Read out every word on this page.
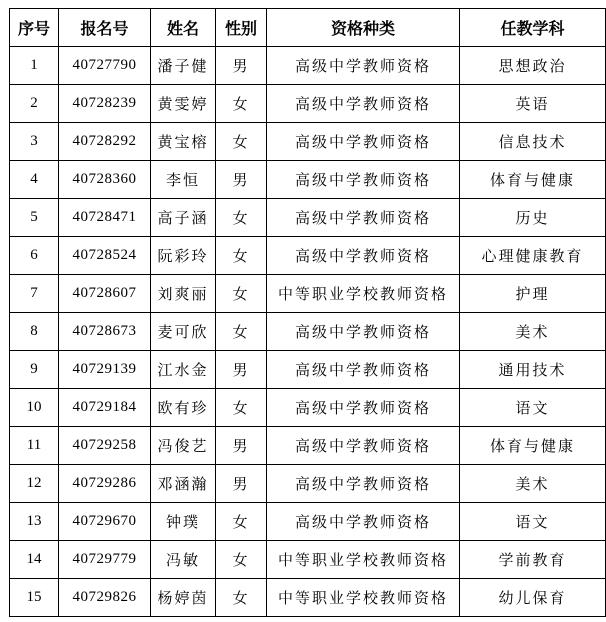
序号	报名号	姓名	性别	资格种类	任教学科
1	40727790	潘子健	男	高级中学教师资格	思想政治
2	40728239	黄雯婷	女	高级中学教师资格	英语
3	40728292	黄宝榕	女	高级中学教师资格	信息技术
4	40728360	李恒	男	高级中学教师资格	体育与健康
5	40728471	高子涵	女	高级中学教师资格	历史
6	40728524	阮彩玲	女	高级中学教师资格	心理健康教育
7	40728607	刘爽丽	女	中等职业学校教师资格	护理
8	40728673	麦可欣	女	高级中学教师资格	美术
9	40729139	江水金	男	高级中学教师资格	通用技术
10	40729184	欧有珍	女	高级中学教师资格	语文
11	40729258	冯俊艺	男	高级中学教师资格	体育与健康
12	40729286	邓涵瀚	男	高级中学教师资格	美术
13	40729670	钟璞	女	高级中学教师资格	语文
14	40729779	冯敏	女	中等职业学校教师资格	学前教育
15	40729826	杨婷茵	女	中等职业学校教师资格	幼儿保育
